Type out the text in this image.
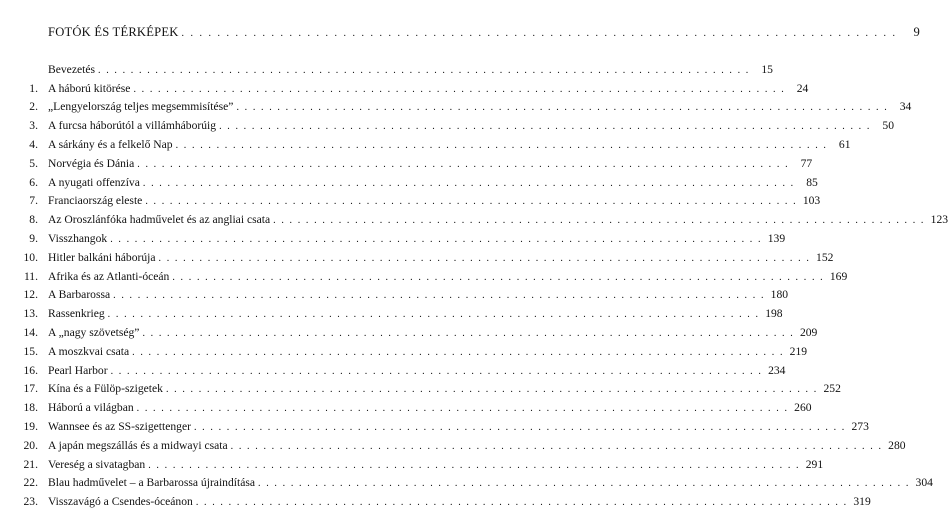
FOTÓK ÉS TÉRKÉPEK . . . . . . . . . . . . . . . . . . . . . . . . . . . . . . . . . . . . . . . . . . . . . . . . . . . . . . . . . . . . . . . . . . . . . . . . . . . . . . . .	9
Bevezetés . . . . . . . . . . . . . . . . . . . . . . . . . . . . . . . . . . . . . . . . . . . . . . . . . . . . . . . . . . . . . . . . . . . . . . . . . . . . . . . . 15
1. A háború kitörése . . . . . . . . . . . . . . . . . . . . . . . . . . . . . . . . . . . . . . . . . . . . . . . . . . . . . . . . . . . . . . . . . . . . . . . . . . . . . . . . 24
2. „Lengyelország teljes megsemmisítése” . . . . . . . . . . . . . . . . . . . . . . . . . . . . . . . . . . . . . . . . . . . . . . . . . . . . . . . . . . . . . . . . . . . . . . . . . . . . . . . . 34
3. A furcsa háborútól a villámháborúig . . . . . . . . . . . . . . . . . . . . . . . . . . . . . . . . . . . . . . . . . . . . . . . . . . . . . . . . . . . . . . . . . . . . . . . . . . . . . . . . 50
4. A sárkány és a felkelő Nap . . . . . . . . . . . . . . . . . . . . . . . . . . . . . . . . . . . . . . . . . . . . . . . . . . . . . . . . . . . . . . . . . . . . . . . . . . . . . . . . 61
5. Norvégia és Dánia . . . . . . . . . . . . . . . . . . . . . . . . . . . . . . . . . . . . . . . . . . . . . . . . . . . . . . . . . . . . . . . . . . . . . . . . . . . . . . . . 77
6. A nyugati offenzíva . . . . . . . . . . . . . . . . . . . . . . . . . . . . . . . . . . . . . . . . . . . . . . . . . . . . . . . . . . . . . . . . . . . . . . . . . . . . . . . . 85
7. Franciaország eleste . . . . . . . . . . . . . . . . . . . . . . . . . . . . . . . . . . . . . . . . . . . . . . . . . . . . . . . . . . . . . . . . . . . . . . . . . . . . . . . . 103
8. Az Oroszlánfóka hadművelet és az angliai csata . . . . . . . . . . . . . . . . . . . . . . . . . . . . . . . . . . . . . . . . . . . . . . . . . . . . . . . . . . . . . . . . . . . . . . . . . . . . . . . . 123
9. Visszhangok . . . . . . . . . . . . . . . . . . . . . . . . . . . . . . . . . . . . . . . . . . . . . . . . . . . . . . . . . . . . . . . . . . . . . . . . . . . . . . . . 139
10. Hitler balkáni háborúja . . . . . . . . . . . . . . . . . . . . . . . . . . . . . . . . . . . . . . . . . . . . . . . . . . . . . . . . . . . . . . . . . . . . . . . . . . . . . . . . 152
11. Afrika és az Atlanti-óceán . . . . . . . . . . . . . . . . . . . . . . . . . . . . . . . . . . . . . . . . . . . . . . . . . . . . . . . . . . . . . . . . . . . . . . . . . . . . . . . . 169
12. A Barbarossa . . . . . . . . . . . . . . . . . . . . . . . . . . . . . . . . . . . . . . . . . . . . . . . . . . . . . . . . . . . . . . . . . . . . . . . . . . . . . . . . 180
13. Rassenkrieg . . . . . . . . . . . . . . . . . . . . . . . . . . . . . . . . . . . . . . . . . . . . . . . . . . . . . . . . . . . . . . . . . . . . . . . . . . . . . . . . 198
14. A „nagy szövetség” . . . . . . . . . . . . . . . . . . . . . . . . . . . . . . . . . . . . . . . . . . . . . . . . . . . . . . . . . . . . . . . . . . . . . . . . . . . . . . . . 209
15. A moszkvai csata . . . . . . . . . . . . . . . . . . . . . . . . . . . . . . . . . . . . . . . . . . . . . . . . . . . . . . . . . . . . . . . . . . . . . . . . . . . . . . . . 219
16. Pearl Harbor . . . . . . . . . . . . . . . . . . . . . . . . . . . . . . . . . . . . . . . . . . . . . . . . . . . . . . . . . . . . . . . . . . . . . . . . . . . . . . . . 234
17. Kína és a Fülöp-szigetek . . . . . . . . . . . . . . . . . . . . . . . . . . . . . . . . . . . . . . . . . . . . . . . . . . . . . . . . . . . . . . . . . . . . . . . . . . . . . . . . 252
18. Háború a világban . . . . . . . . . . . . . . . . . . . . . . . . . . . . . . . . . . . . . . . . . . . . . . . . . . . . . . . . . . . . . . . . . . . . . . . . . . . . . . . . 260
19. Wannsee és az SS-szigettenger . . . . . . . . . . . . . . . . . . . . . . . . . . . . . . . . . . . . . . . . . . . . . . . . . . . . . . . . . . . . . . . . . . . . . . . . . . . . . . . . 273
20. A japán megszállás és a midwayi csata . . . . . . . . . . . . . . . . . . . . . . . . . . . . . . . . . . . . . . . . . . . . . . . . . . . . . . . . . . . . . . . . . . . . . . . . . . . . . . . . 280
21. Vereség a sivatagban . . . . . . . . . . . . . . . . . . . . . . . . . . . . . . . . . . . . . . . . . . . . . . . . . . . . . . . . . . . . . . . . . . . . . . . . . . . . . . . . 291
22. Blau hadművelet – a Barbarossa újraindítása . . . . . . . . . . . . . . . . . . . . . . . . . . . . . . . . . . . . . . . . . . . . . . . . . . . . . . . . . . . . . . . . . . . . . . . . . . . . . . . . 304
23. Visszavágó a Csendes-óceánon . . . . . . . . . . . . . . . . . . . . . . . . . . . . . . . . . . . . . . . . . . . . . . . . . . . . . . . . . . . . . . . . . . . . . . . . . . . . . . . . 319
